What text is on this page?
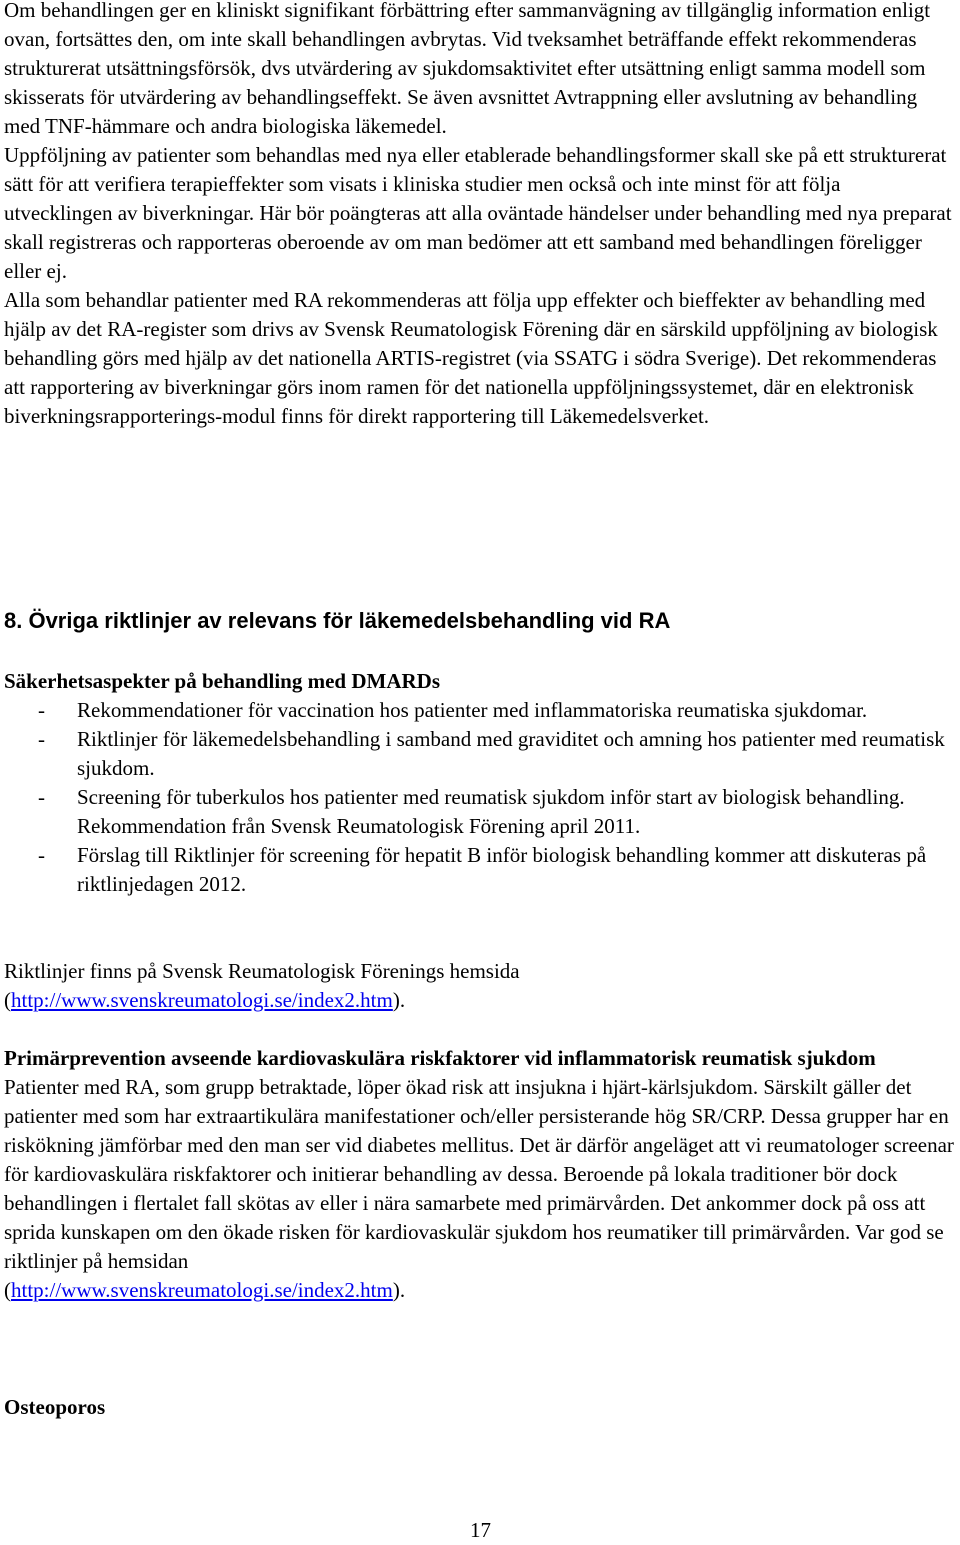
Om behandlingen ger en kliniskt signifikant förbättring efter sammanvägning av tillgänglig information enligt ovan, fortsättes den, om inte skall behandlingen avbrytas. Vid tveksamhet beträffande effekt rekommenderas strukturerat utsättningsförsök, dvs utvärdering av sjukdomsaktivitet efter utsättning enligt samma modell som skisserats för utvärdering av behandlingseffekt. Se även avsnittet Avtrappning eller avslutning av behandling med TNF-hämmare och andra biologiska läkemedel.

Uppföljning av patienter som behandlas med nya eller etablerade behandlingsformer skall ske på ett strukturerat sätt för att verifiera terapieffekter som visats i kliniska studier men också och inte minst för att följa utvecklingen av biverkningar. Här bör poängteras att alla oväntade händelser under behandling med nya preparat skall registreras och rapporteras oberoende av om man bedömer att ett samband med behandlingen föreligger eller ej.

Alla som behandlar patienter med RA rekommenderas att följa upp effekter och bieffekter av behandling med hjälp av det RA-register som drivs av Svensk Reumatologisk Förening där en särskild uppföljning av biologisk behandling görs med hjälp av det nationella ARTIS-registret (via SSATG i södra Sverige). Det rekommenderas att rapportering av biverkningar görs inom ramen för det nationella uppföljningssystemet, där en elektronisk biverkningsrapporterings-modul finns för direkt rapportering till Läkemedelsverket.

8. Övriga riktlinjer av relevans för läkemedelsbehandling vid RA
Säkerhetsaspekter på behandling med DMARDs
- Rekommendationer för vaccination hos patienter med inflammatoriska reumatiska sjukdomar.
- Riktlinjer för läkemedelsbehandling i samband med graviditet och amning hos patienter med reumatisk sjukdom.
- Screening för tuberkulos hos patienter med reumatisk sjukdom inför start av biologisk behandling. Rekommendation från Svensk Reumatologisk Förening april 2011.
- Förslag till Riktlinjer för screening för hepatit B inför biologisk behandling kommer att diskuteras på riktlinjedagen 2012.

Riktlinjer finns på Svensk Reumatologisk Förenings hemsida
(http://www.svenskreumatologi.se/index2.htm).

Primärprevention avseende kardiovaskulära riskfaktorer vid inflammatorisk reumatisk sjukdom

Patienter med RA, som grupp betraktade, löper ökad risk att insjukna i hjärt-kärlsjukdom. Särskilt gäller det patienter med som har extraartikulära manifestationer och/eller persisterande hög SR/CRP. Dessa grupper har en riskökning jämförbar med den man ser vid diabetes mellitus. Det är därför angeläget att vi reumatologer screenar för kardiovaskulära riskfaktorer och initierar behandling av dessa. Beroende på lokala traditioner bör dock behandlingen i flertalet fall skötas av eller i nära samarbete med primärvården. Det ankommer dock på oss att sprida kunskapen om den ökade risken för kardiovaskulär sjukdom hos reumatiker till primärvården. Var god se riktlinjer på hemsidan
(http://www.svenskreumatologi.se/index2.htm).

Osteoporos
17
